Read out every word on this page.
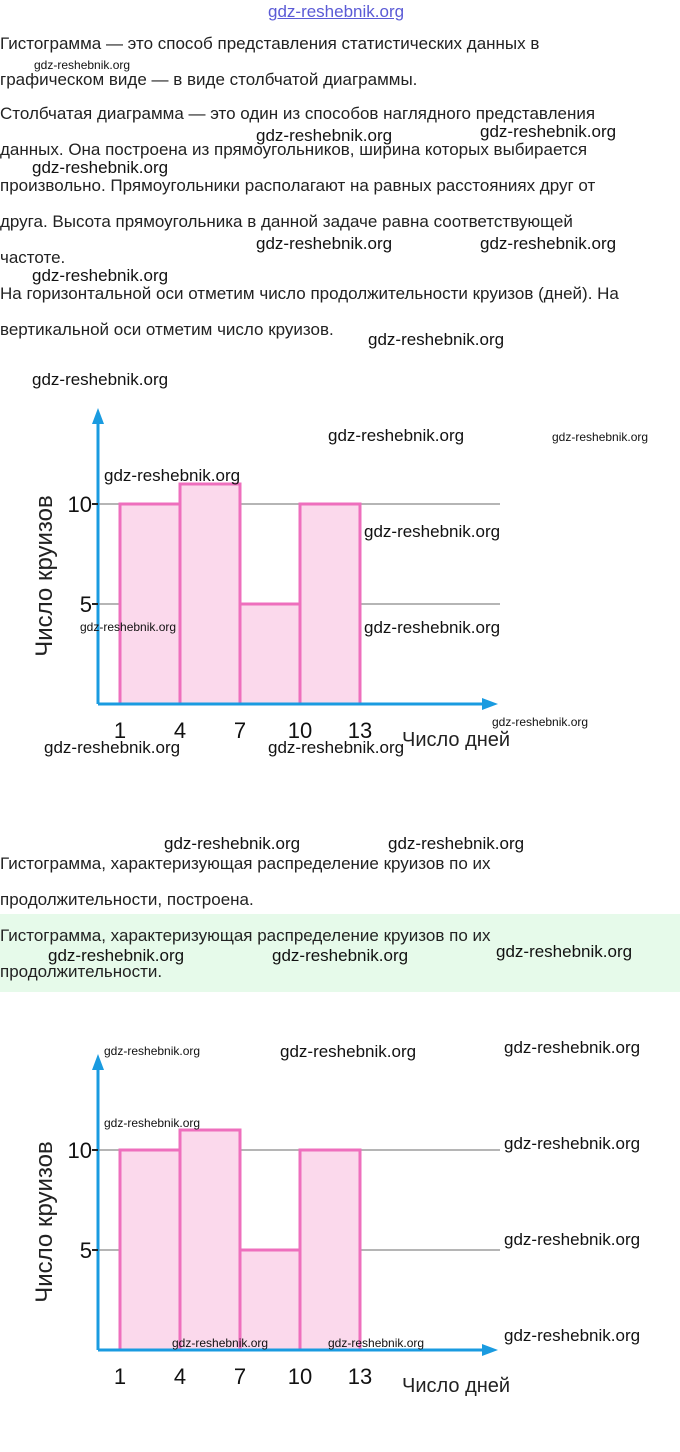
gdz-reshebnik.org
Гистограмма — это способ представления статистических данных в
графическом виде — в виде столбчатой диаграммы.
Столбчатая диаграмма — это один из способов наглядного представления
данных. Она построена из прямоугольников, ширина которых выбирается
произвольно. Прямоугольники располагают на равных расстояниях друг от
друга. Высота прямоугольника в данной задаче равна соответствующей
частоте.
На горизонтальной оси отметим число продолжительности круизов (дней). На
вертикальной оси отметим число круизов.
5
10
1 4 7 10 13 Число дней
Число круизов
Гистограмма, характеризующая распределение круизов по их
продолжительности, построена.
Гистограмма, характеризующая распределение круизов по их
продолжительности.
5
10
1 4 7 10 13 Число дней
Число круизов
gdz-reshebnik.org
gdz-reshebnik.org	gdz-reshebnik.org
gdz-reshebnik.org
gdz-reshebnik.org	gdz-reshebnik.org
gdz-reshebnik.org
gdz-reshebnik.org
gdz-reshebnik.org
gdz-reshebnik.org	gdz-reshebnik.org
gdz-reshebnik.org
gdz-reshebnik.org
gdz-reshebnik.org	gdz-reshebnik.org
gdz-reshebnik.org
gdz-reshebnik.org	gdz-reshebnik.org
gdz-reshebnik.org	gdz-reshebnik.org
gdz-reshebnik.org	gdz-reshebnik.org	gdz-reshebnik.org
gdz-reshebnik.org	gdz-reshebnik.org	gdz-reshebnik.org
gdz-reshebnik.org
gdz-reshebnik.org
gdz-reshebnik.org
gdz-reshebnik.org	gdz-reshebnik.org	gdz-reshebnik.org
